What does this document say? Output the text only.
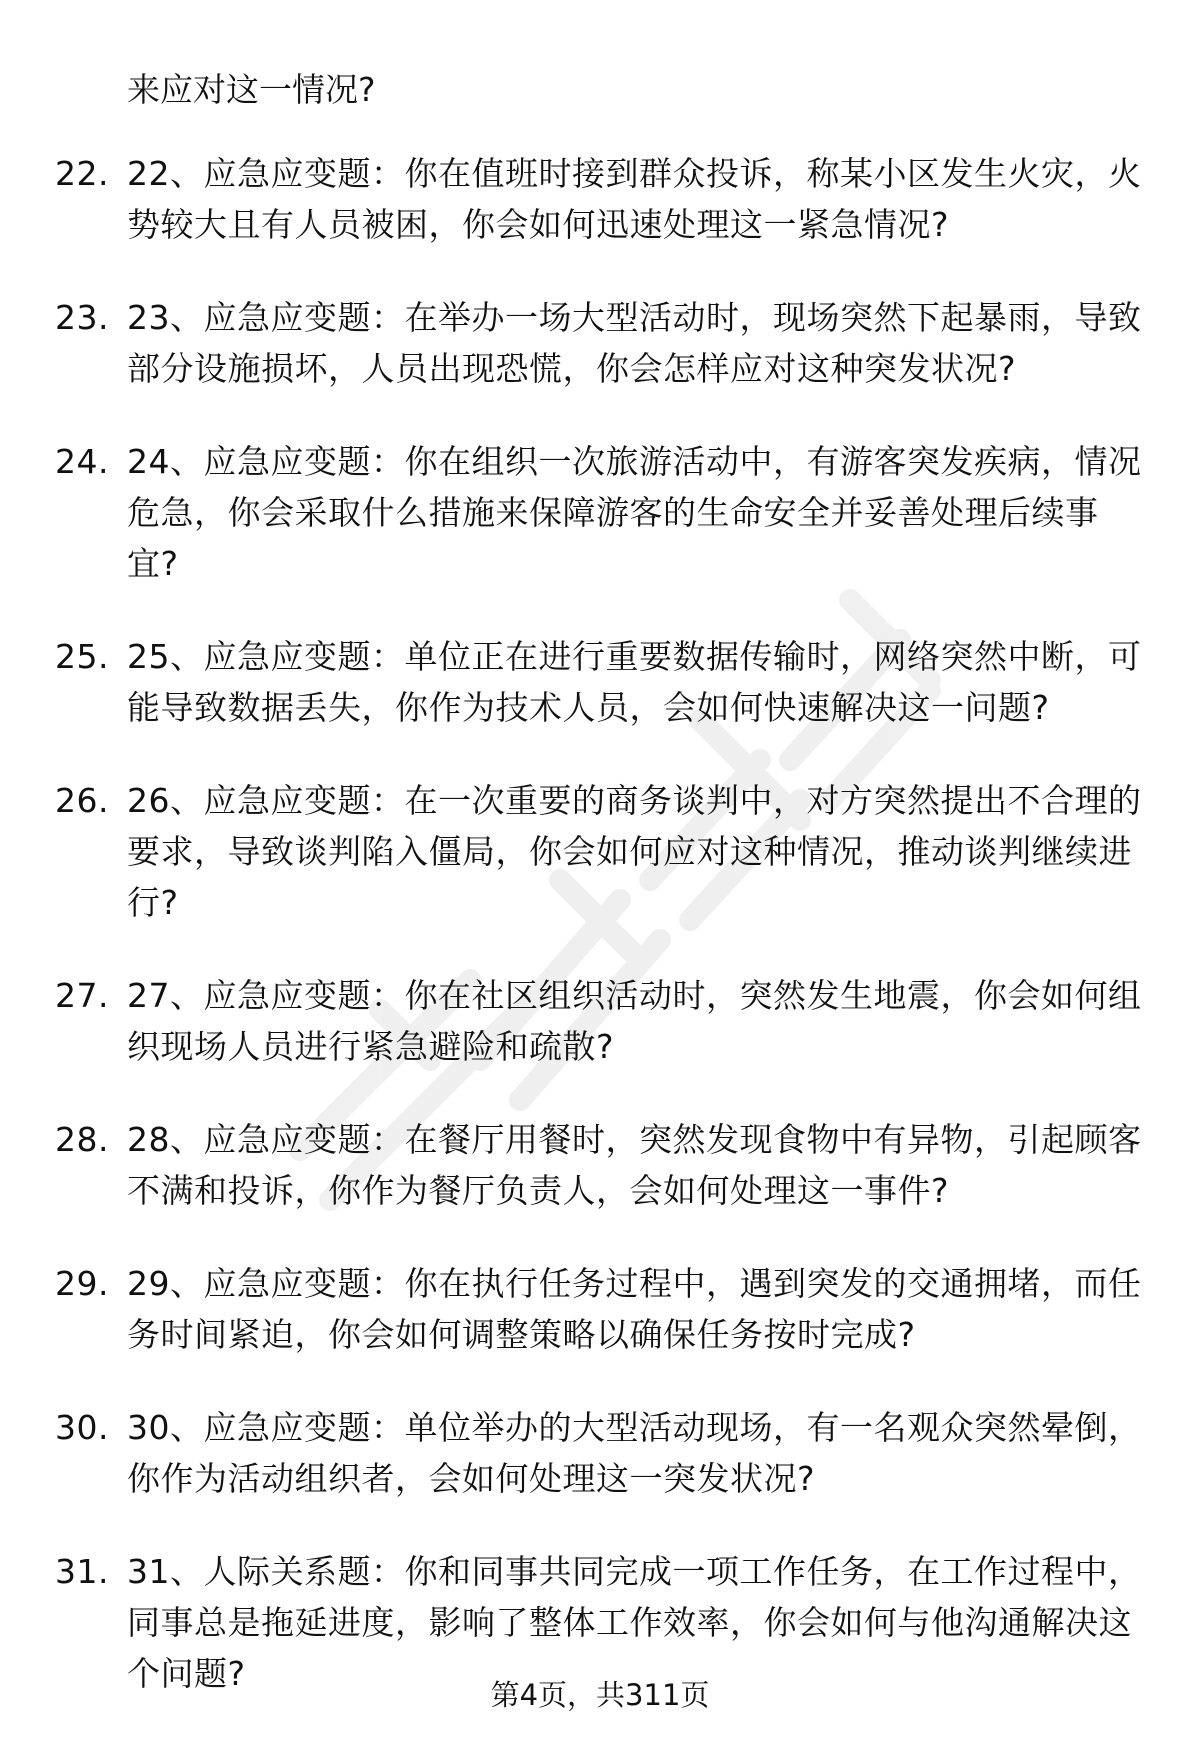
来应对这一情况?
22. 22、应急应变题：你在值班时接到群众投诉，称某小区发生火灾，火势较大且有人员被困，你会如何迅速处理这一紧急情况?
23. 23、应急应变题：在举办一场大型活动时，现场突然下起暴雨，导致部分设施损坏，人员出现恐慌，你会怎样应对这种突发状况?
24. 24、应急应变题：你在组织一次旅游活动中，有游客突发疾病，情况危急，你会采取什么措施来保障游客的生命安全并妥善处理后续事宜?
25. 25、应急应变题：单位正在进行重要数据传输时，网络突然中断，可能导致数据丢失，你作为技术人员，会如何快速解决这一问题?
26. 26、应急应变题：在一次重要的商务谈判中，对方突然提出不合理的要求，导致谈判陷入僵局，你会如何应对这种情况，推动谈判继续进行?
27. 27、应急应变题：你在社区组织活动时，突然发生地震，你会如何组织现场人员进行紧急避险和疏散?
28. 28、应急应变题：在餐厅用餐时，突然发现食物中有异物，引起顾客不满和投诉，你作为餐厅负责人，会如何处理这一事件?
29. 29、应急应变题：你在执行任务过程中，遇到突发的交通拥堵，而任务时间紧迫，你会如何调整策略以确保任务按时完成?
30. 30、应急应变题：单位举办的大型活动现场，有一名观众突然晕倒，你作为活动组织者，会如何处理这一突发状况?
31. 31、人际关系题：你和同事共同完成一项工作任务，在工作过程中，同事总是拖延进度，影响了整体工作效率，你会如何与他沟通解决这个问题?
第4页，共311页
